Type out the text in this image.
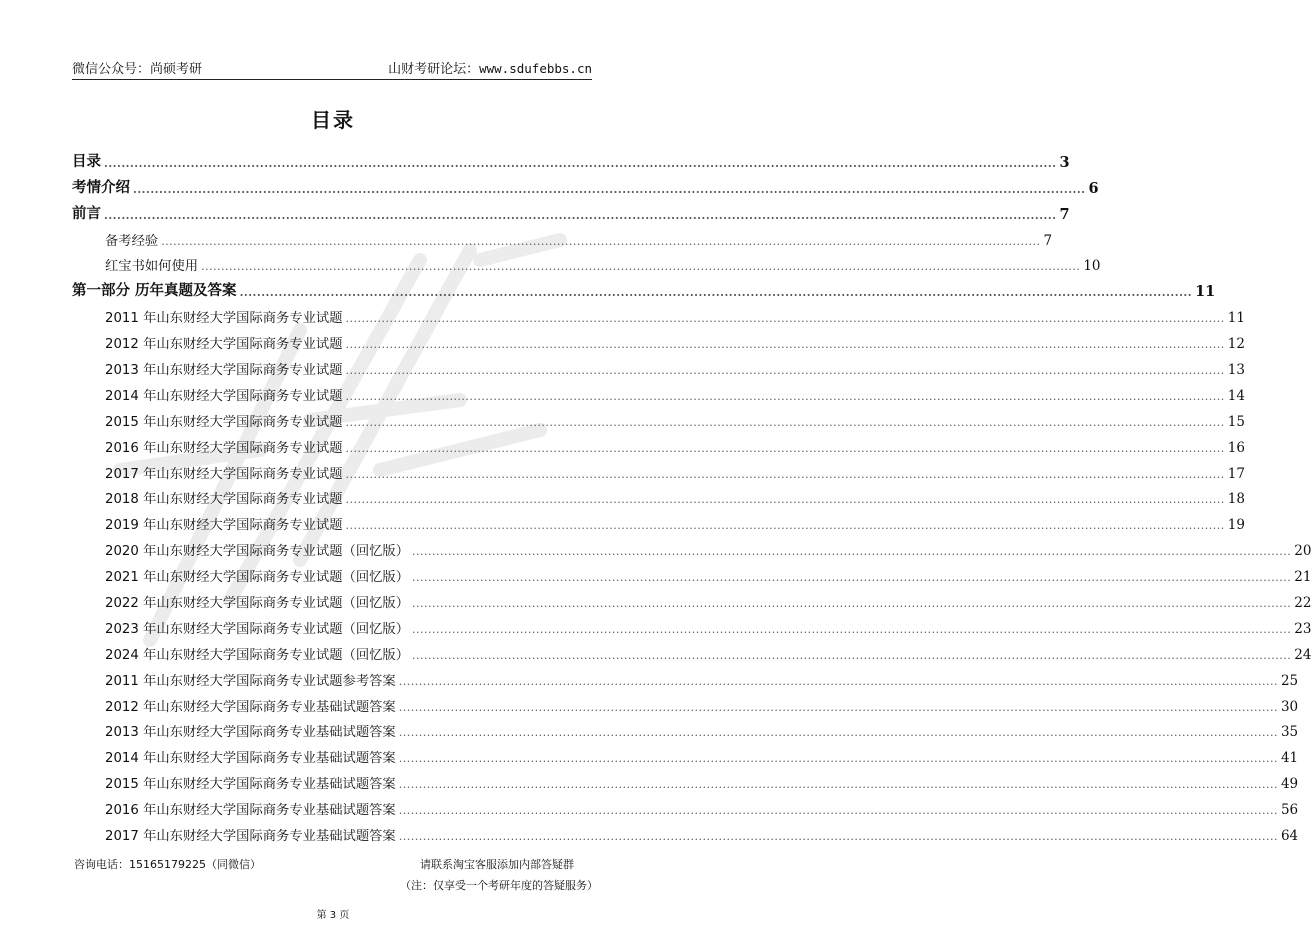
微信公众号：尚硕考研	山财考研论坛：www.sdufebbs.cn
目录
目录 ............................................................................................................................................................................................................................ 3
考情介绍 ............................................................................................................................................................................................................................ 6
前言 ............................................................................................................................................................................................................................ 7
备考经验 ............................................................................................................................................................................................................................ 7
红宝书如何使用 ............................................................................................................................................................................................................................ 10
第一部分 历年真题及答案 ............................................................................................................................................................................................................................ 11
2011 年山东财经大学国际商务专业试题 ............................................................................................................................................................................................................................ 11
2012 年山东财经大学国际商务专业试题 ............................................................................................................................................................................................................................ 12
2013 年山东财经大学国际商务专业试题 ............................................................................................................................................................................................................................ 13
2014 年山东财经大学国际商务专业试题 ............................................................................................................................................................................................................................ 14
2015 年山东财经大学国际商务专业试题 ............................................................................................................................................................................................................................ 15
2016 年山东财经大学国际商务专业试题 ............................................................................................................................................................................................................................ 16
2017 年山东财经大学国际商务专业试题 ............................................................................................................................................................................................................................ 17
2018 年山东财经大学国际商务专业试题 ............................................................................................................................................................................................................................ 18
2019 年山东财经大学国际商务专业试题 ............................................................................................................................................................................................................................ 19
2020 年山东财经大学国际商务专业试题（回忆版） ............................................................................................................................................................................................................................ 20
2021 年山东财经大学国际商务专业试题（回忆版） ............................................................................................................................................................................................................................ 21
2022 年山东财经大学国际商务专业试题（回忆版） ............................................................................................................................................................................................................................ 22
2023 年山东财经大学国际商务专业试题（回忆版） ............................................................................................................................................................................................................................ 23
2024 年山东财经大学国际商务专业试题（回忆版） ............................................................................................................................................................................................................................ 24
2011 年山东财经大学国际商务专业试题参考答案 ............................................................................................................................................................................................................................ 25
2012 年山东财经大学国际商务专业基础试题答案 ............................................................................................................................................................................................................................ 30
2013 年山东财经大学国际商务专业基础试题答案 ............................................................................................................................................................................................................................ 35
2014 年山东财经大学国际商务专业基础试题答案 ............................................................................................................................................................................................................................ 41
2015 年山东财经大学国际商务专业基础试题答案 ............................................................................................................................................................................................................................ 49
2016 年山东财经大学国际商务专业基础试题答案 ............................................................................................................................................................................................................................ 56
2017 年山东财经大学国际商务专业基础试题答案 ............................................................................................................................................................................................................................ 64
咨询电话：15165179225（同微信）	请联系淘宝客服添加内部答疑群
（注：仅享受一个考研年度的答疑服务）
第 3 页
